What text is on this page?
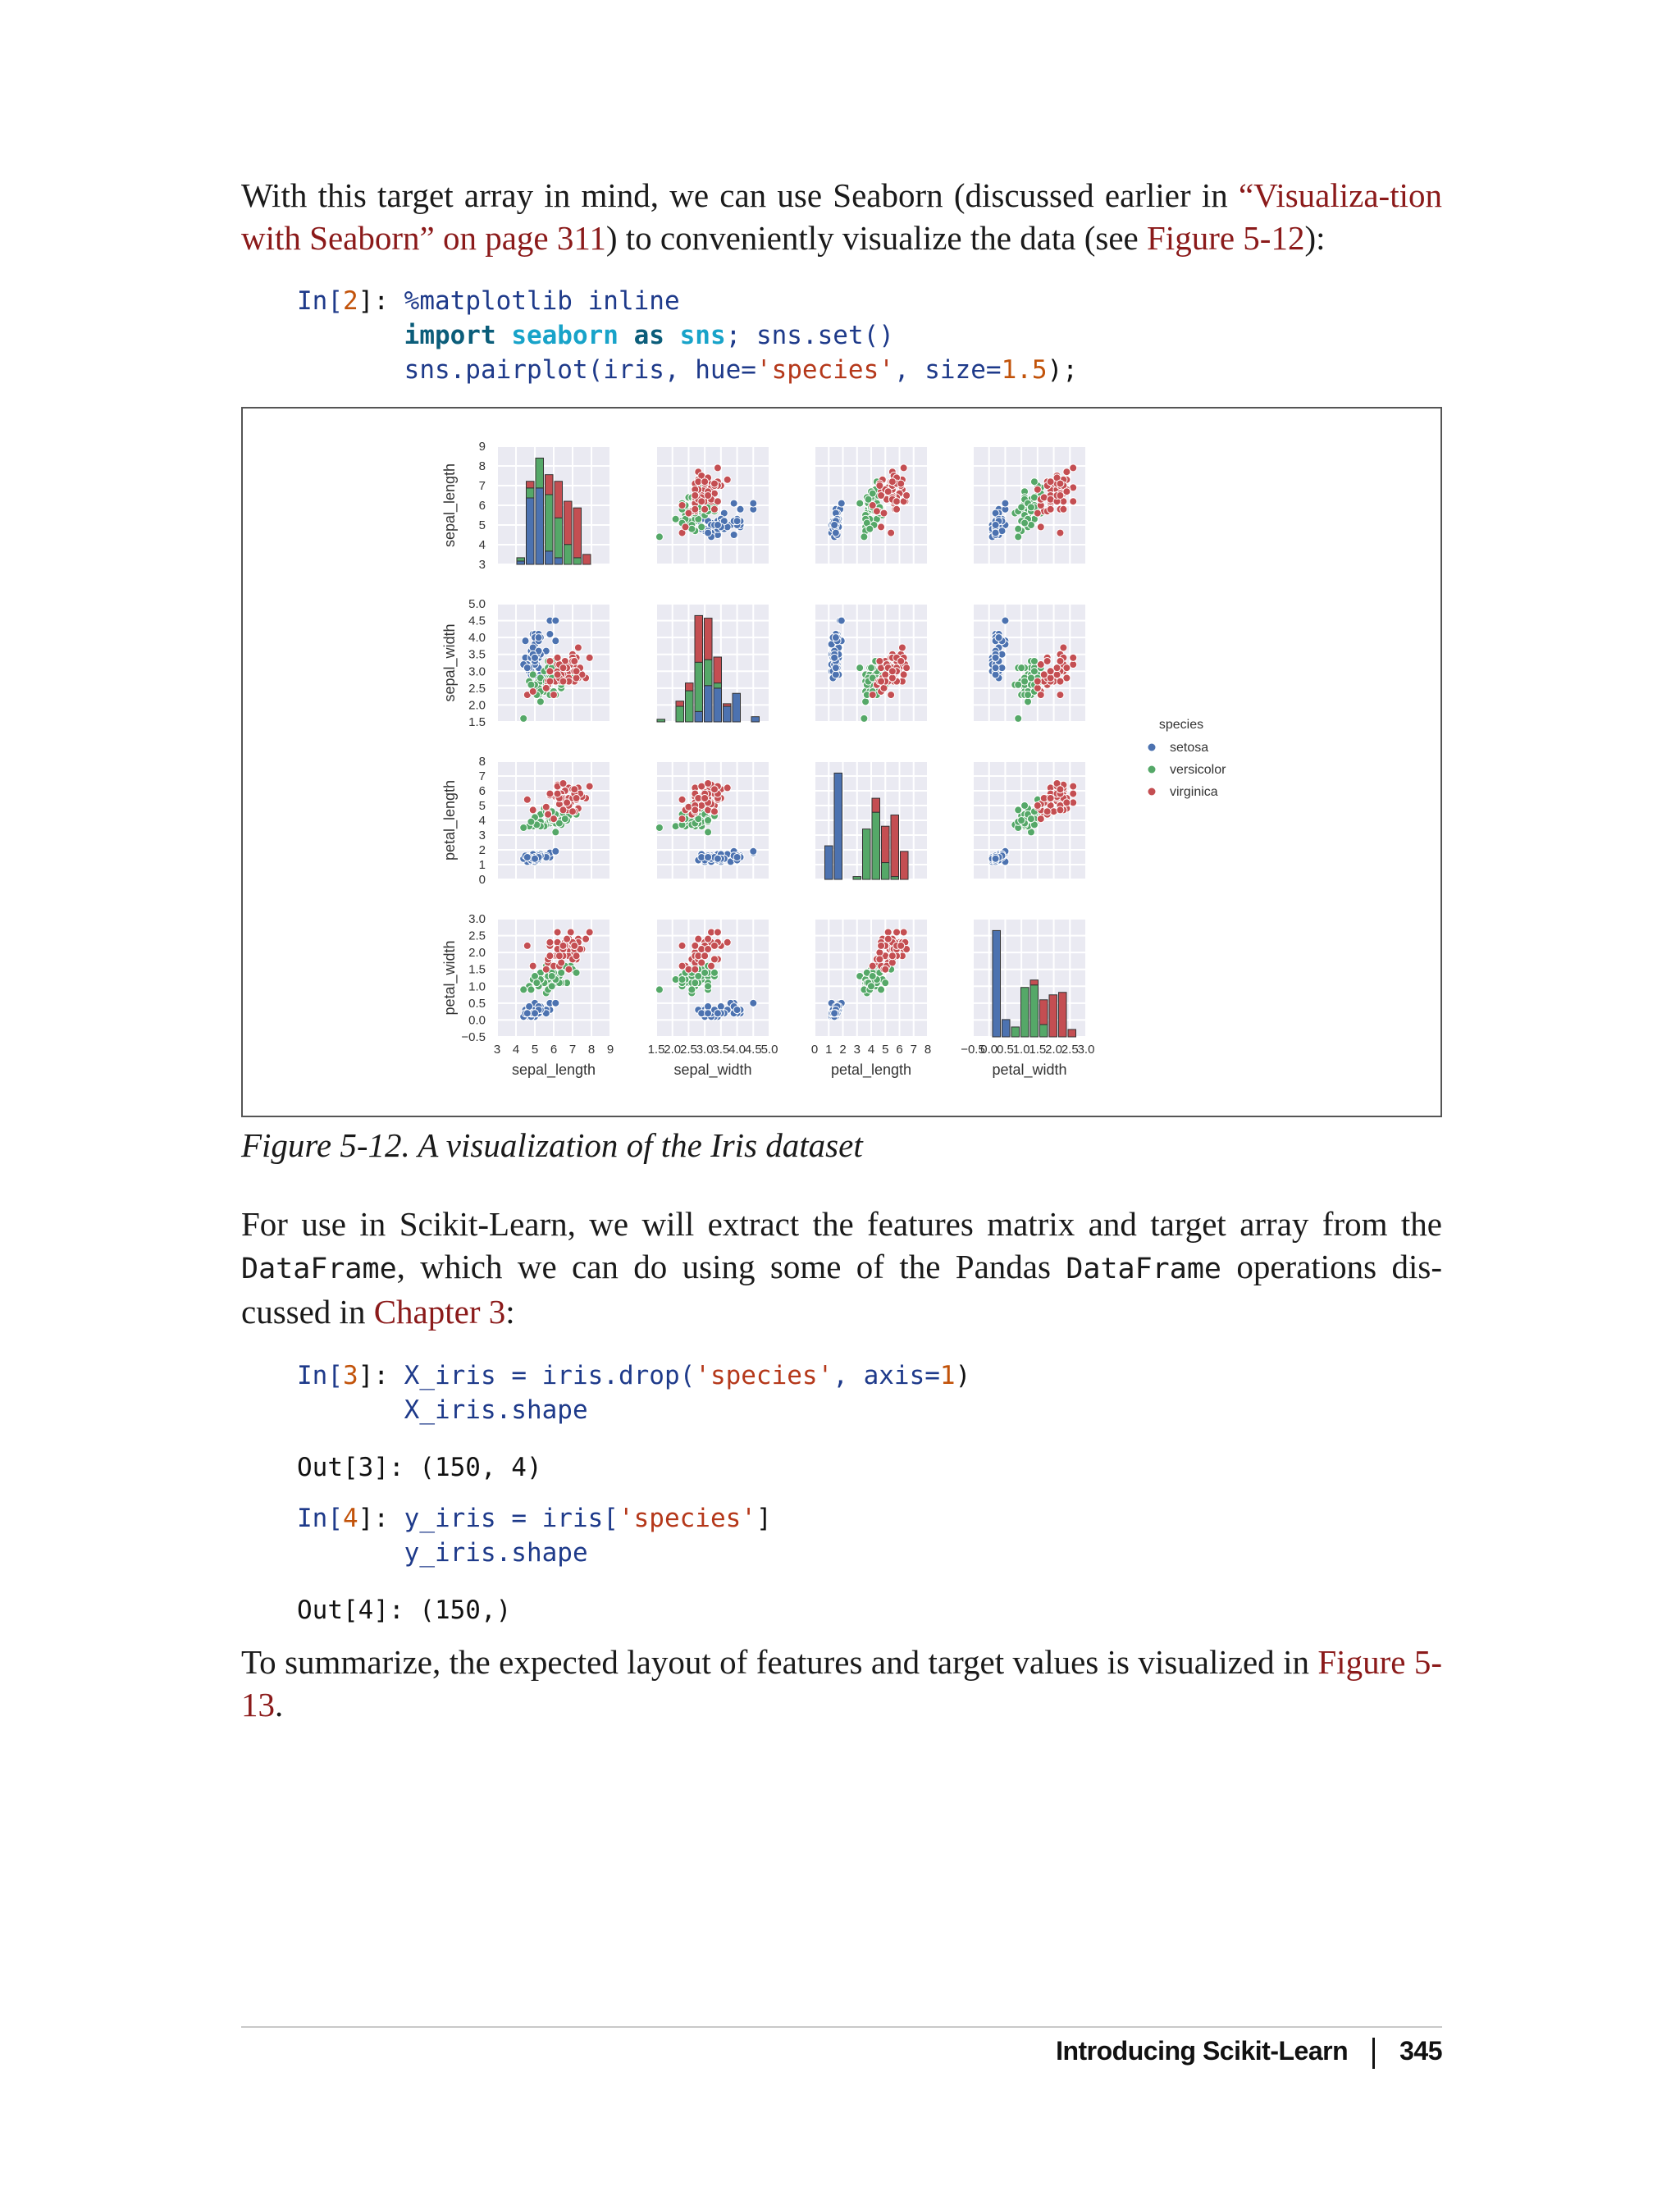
With this target array in mind, we can use Seaborn (discussed earlier in “Visualiza-tion with Seaborn” on page 311) to conveniently visualize the data (see Figure 5-12):

In[2]: %matplotlib inline
import seaborn as sns; sns.set()
sns.pairplot(iris, hue='species', size=1.5);
3
4
5
6
7
8
9
sepal_length
1.5
2.0
2.5
3.0
3.5
4.0
4.5
5.0
sepal_width
0
1
2
3
4
5
6
7
8
petal_length
−0.5
0.0
0.5
1.0
1.5
2.0
2.5
3.0
petal_width
3 4 5 6 7 8 9
sepal_length
1.5
2.0
2.5
3.0
3.5
4.0
4.5
5.0
sepal_width
0 1 2 3 4 5 6 7 8
petal_length
−0.5
0.0
0.5
1.0
1.5
2.0
2.5
3.0
petal_width
species
setosa
versicolor
virginica

Figure 5-12. A visualization of the Iris dataset

For use in Scikit-Learn, we will extract the features matrix and target array from the DataFrame, which we can do using some of the Pandas DataFrame operations dis-cussed in Chapter 3:

In[3]: X_iris = iris.drop('species', axis=1)
X_iris.shape
Out[3]: (150, 4)
In[4]: y_iris = iris['species']
y_iris.shape
Out[4]: (150,)

To summarize, the expected layout of features and target values is visualized in Figure 5-13.

Introducing Scikit-Learn 345
